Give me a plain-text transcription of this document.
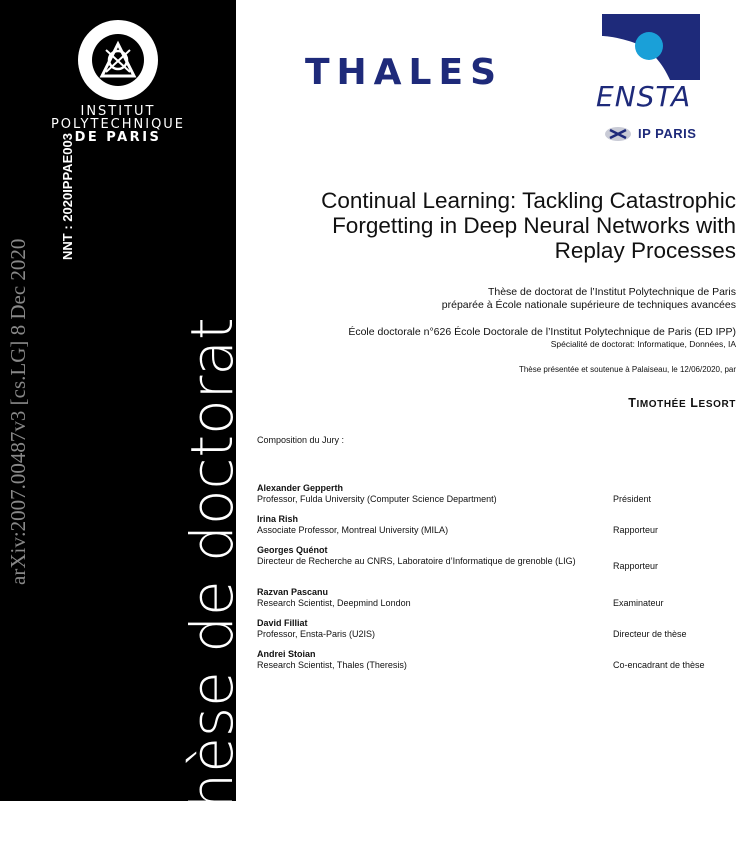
INSTITUT
POLYTECHNIQUE
DE PARIS
Thèse de doctorat
arXiv:2007.00487v3 [cs.LG] 8 Dec 2020
NNT : 2020IPPAE003
THALES
ENSTA
IP PARIS
Continual Learning: Tackling Catastrophic Forgetting in Deep Neural Networks with Replay Processes
Thèse de doctorat de l’Institut Polytechnique de Paris
préparée à École nationale supérieure de techniques avancées
École doctorale n°626 École Doctorale de l’Institut Polytechnique de Paris (ED IPP)
Spécialité de doctorat: Informatique, Données, IA
Thèse présentée et soutenue à Palaiseau, le 12/06/2020, par
TIMOTHÉE LESORT
Composition du Jury :
Alexander Gepperth
Professor, Fulda University (Computer Science Department)	Président
Irina Rish
Associate Professor, Montreal University (MILA)	Rapporteur
Georges Quénot
Directeur de Recherche au CNRS, Laboratoire d’Informatique de grenoble (LIG)
Rapporteur
Razvan Pascanu
Research Scientist, Deepmind London	Examinateur
David Filliat
Professor, Ensta-Paris (U2IS)	Directeur de thèse
Andrei Stoian
Research Scientist, Thales (Theresis)	Co-encadrant de thèse
